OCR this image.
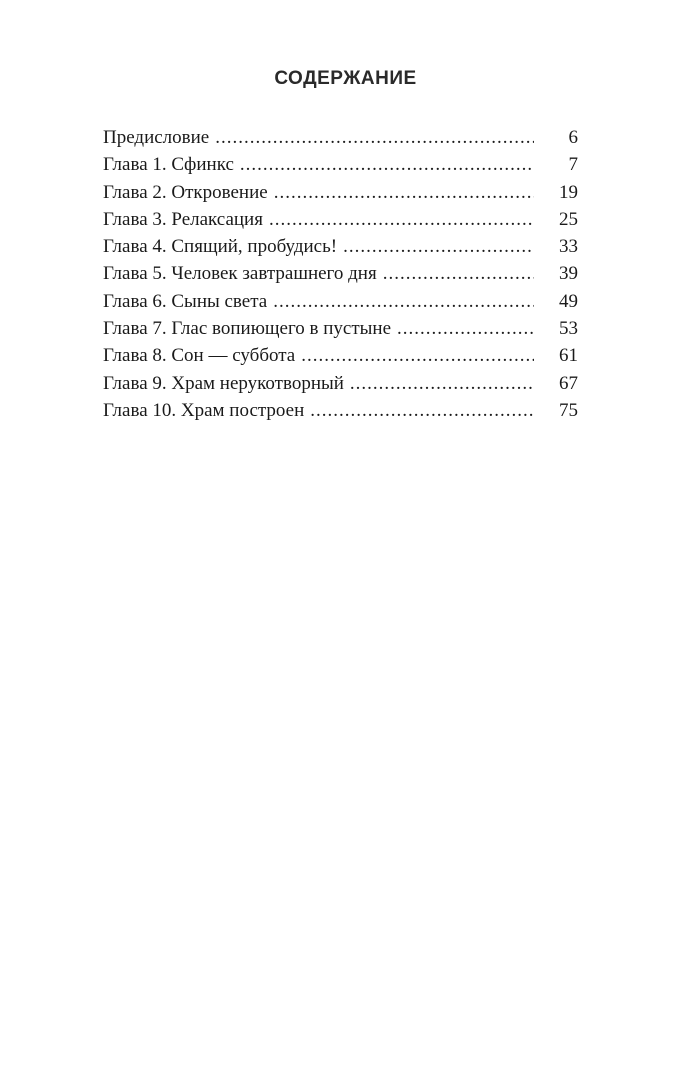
СОДЕРЖАНИЕ
Предисловие .....	6
Глава 1. Сфинкс .....	7
Глава 2. Откровение .....	19
Глава 3. Релаксация .....	25
Глава 4. Спящий, пробудись! .....	33
Глава 5. Человек завтрашнего дня .....	39
Глава 6. Сыны света .....	49
Глава 7. Глас вопиющего в пустыне .....	53
Глава 8. Сон — суббота .....	61
Глава 9. Храм нерукотворный .....	67
Глава 10. Храм построен .....	75
